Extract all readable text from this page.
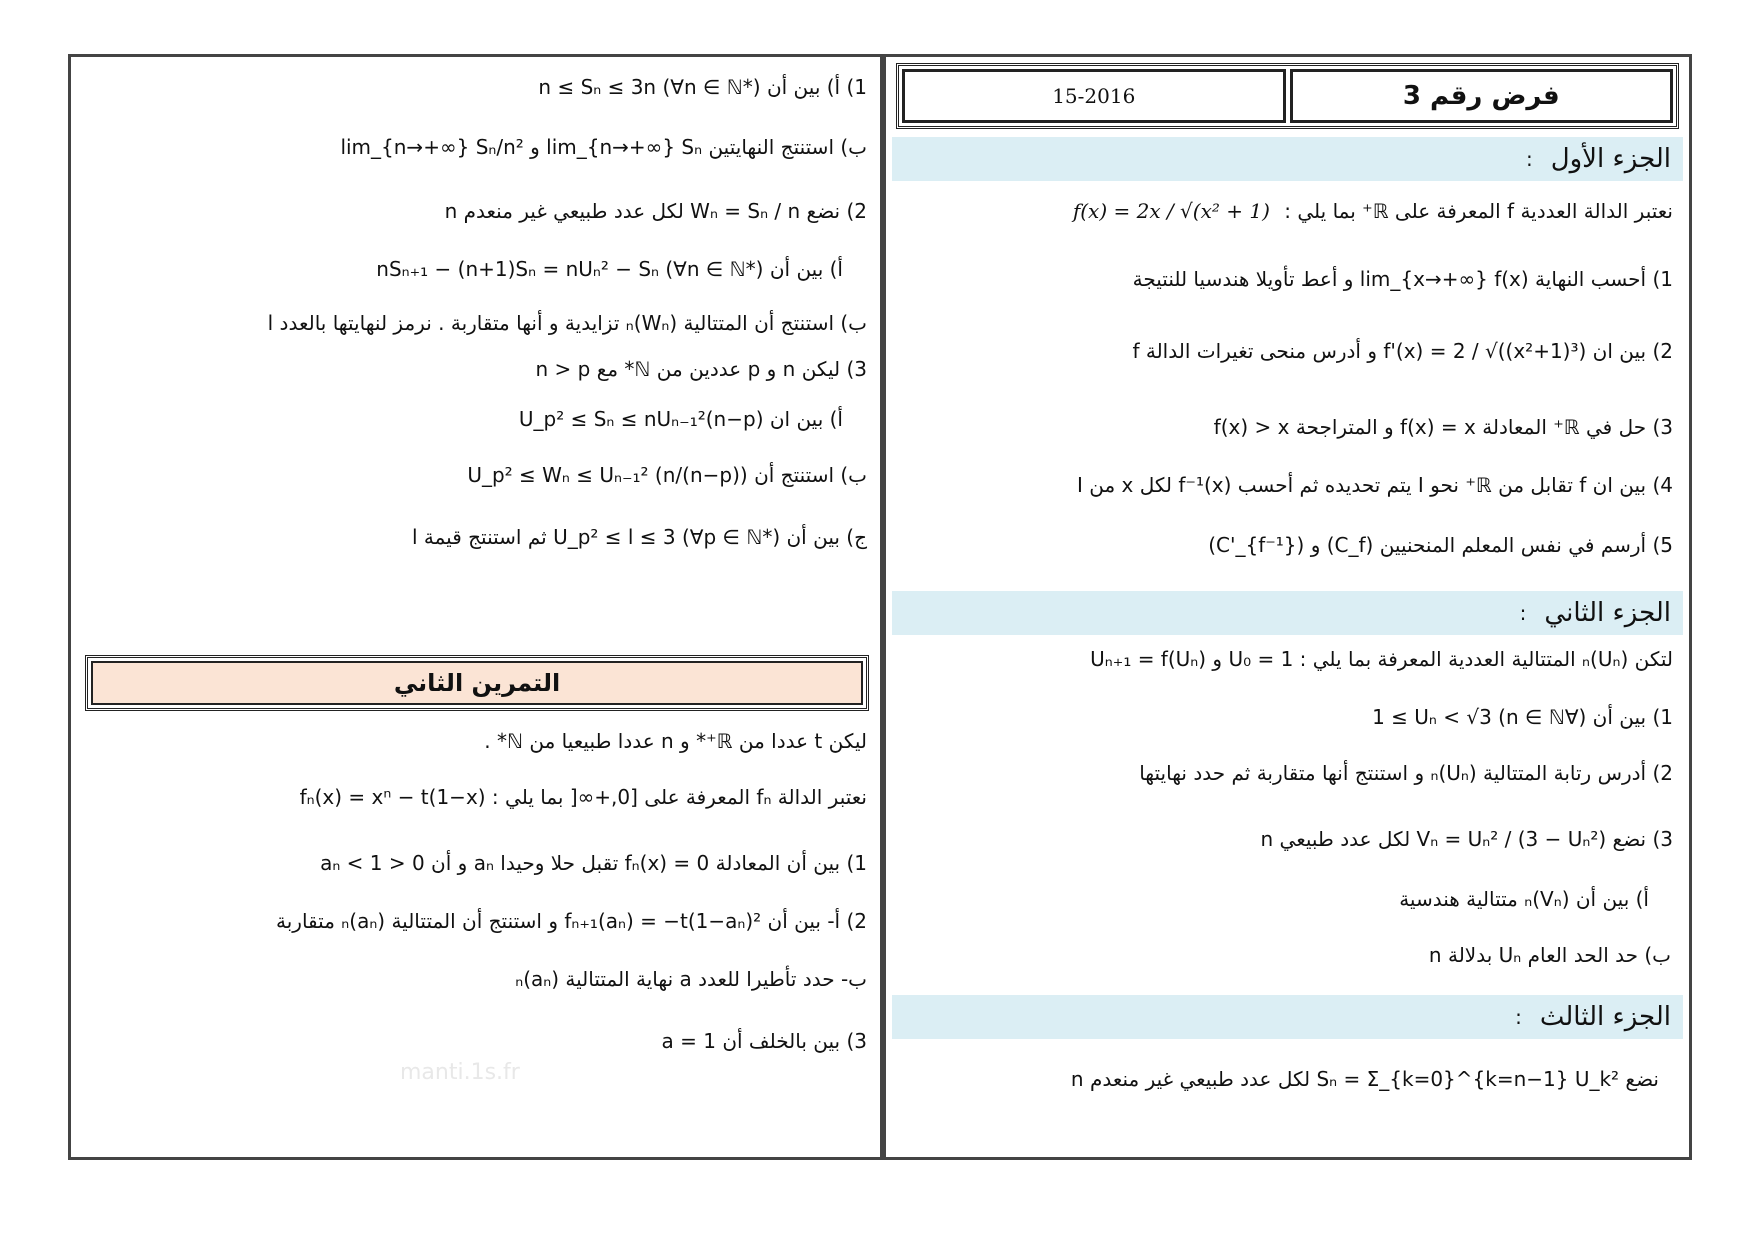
فرض رقم 3
15-2016
الجزء الأول
:
نعتبر الدالة العددية f المعرفة على ℝ⁺ بما يلي : f(x) = 2x / √(x² + 1)
1) أحسب النهاية lim_{x→+∞} f(x) و أعط تأويلا هندسيا للنتيجة
2) بين ان f'(x) = 2 / √((x²+1)³) و أدرس منحى تغيرات الدالة f
3) حل في ℝ⁺ المعادلة f(x) = x و المتراجحة f(x) > x
4) بين ان f تقابل من ℝ⁺ نحو I يتم تحديده ثم أحسب f⁻¹(x) لكل x من I
5) أرسم في نفس المعلم المنحنيين (C_f) و (C'_{f⁻¹})
الجزء الثاني
:
لتكن (Uₙ)ₙ المتتالية العددية المعرفة بما يلي : U₀ = 1 و Uₙ₊₁ = f(Uₙ)
1) بين أن (∀n ∈ ℕ) 1 ≤ Uₙ < √3
2) أدرس رتابة المتتالية (Uₙ)ₙ و استنتج أنها متقاربة ثم حدد نهايتها
3) نضع Vₙ = Uₙ² / (3 − Uₙ²) لكل عدد طبيعي n
أ) بين أن (Vₙ)ₙ متتالية هندسية
ب) حد الحد العام Uₙ بدلالة n
الجزء الثالث
:
نضع Sₙ = Σ_{k=0}^{k=n−1} U_k² لكل عدد طبيعي غير منعدم n
1) أ) بين أن n ≤ Sₙ ≤ 3n (∀n ∈ ℕ*)
ب) استنتج النهايتين lim_{n→+∞} Sₙ و lim_{n→+∞} Sₙ/n²
2) نضع Wₙ = Sₙ / n لكل عدد طبيعي غير منعدم n
أ) بين أن nSₙ₊₁ − (n+1)Sₙ = nUₙ² − Sₙ (∀n ∈ ℕ*)
ب) استنتج أن المتتالية (Wₙ)ₙ تزايدية و أنها متقاربة . نرمز لنهايتها بالعدد l
3) ليكن n و p عددين من ℕ* مع n > p
أ) بين ان (n−p)U_p² ≤ Sₙ ≤ nUₙ₋₁²
ب) استنتج أن ((n−p)/n) U_p² ≤ Wₙ ≤ Uₙ₋₁²
ج) بين أن U_p² ≤ l ≤ 3 (∀p ∈ ℕ*) ثم استنتج قيمة l
التمرين الثاني
ليكن t عددا من ℝ⁺* و n عددا طبيعيا من ℕ* .
نعتبر الدالة fₙ المعرفة على [0,+∞[ بما يلي : fₙ(x) = xⁿ − t(1−x)
1) بين أن المعادلة fₙ(x) = 0 تقبل حلا وحيدا aₙ و أن 0 < aₙ < 1
2) أ- بين أن fₙ₊₁(aₙ) = −t(1−aₙ)² و استنتج أن المتتالية (aₙ)ₙ متقاربة
ب- حدد تأطيرا للعدد a نهاية المتتالية (aₙ)ₙ
3) بين بالخلف أن a = 1
manti.1s.fr
